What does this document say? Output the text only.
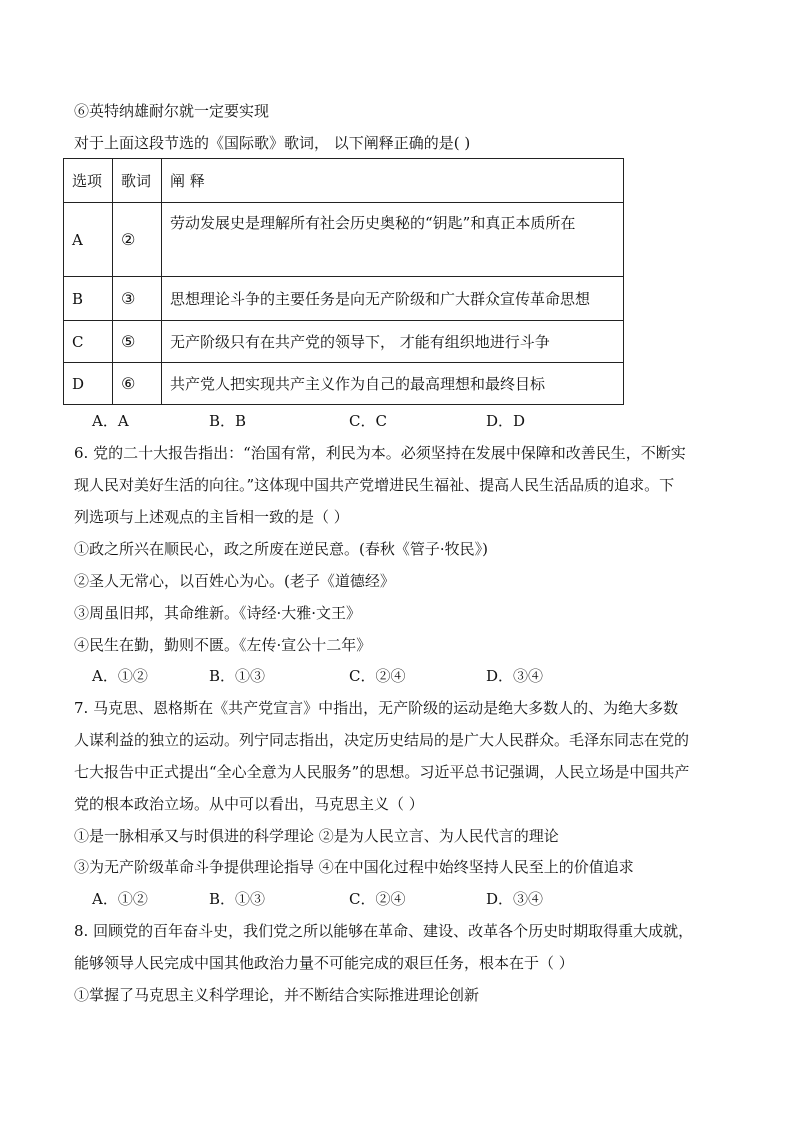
⑥英特纳雄耐尔就一定要实现
对于上面这段节选的《国际歌》歌词， 以下阐释正确的是( )
选项	歌词	阐 释
A	②	劳动发展史是理解所有社会历史奥秘的“钥匙”和真正本质所在
B	③	思想理论斗争的主要任务是向无产阶级和广大群众宣传革命思想
C	⑤	无产阶级只有在共产党的领导下， 才能有组织地进行斗争
D	⑥	共产党人把实现共产主义作为自己的最高理想和最终目标
A．A	B．B	C．C	D．D
6. 党的二十大报告指出：“治国有常，利民为本。必须坚持在发展中保障和改善民生，不断实
现人民对美好生活的向往。”这体现中国共产党增进民生福祉、提高人民生活品质的追求。下
列选项与上述观点的主旨相一致的是（ ）
①政之所兴在顺民心，政之所废在逆民意。(春秋《管子·牧民》)
②圣人无常心，以百姓心为心。(老子《道德经》
③周虽旧邦，其命维新。《诗经·大雅·文王》
④民生在勤，勤则不匮。《左传·宣公十二年》
A．①②	B．①③	C．②④	D．③④
7. 马克思、恩格斯在《共产党宣言》中指出，无产阶级的运动是绝大多数人的、为绝大多数
人谋利益的独立的运动。列宁同志指出，决定历史结局的是广大人民群众。毛泽东同志在党的
七大报告中正式提出“全心全意为人民服务”的思想。习近平总书记强调，人民立场是中国共产
党的根本政治立场。从中可以看出，马克思主义（ ）
①是一脉相承又与时俱进的科学理论 ②是为人民立言、为人民代言的理论
③为无产阶级革命斗争提供理论指导 ④在中国化过程中始终坚持人民至上的价值追求
A．①②	B．①③	C．②④	D．③④
8. 回顾党的百年奋斗史，我们党之所以能够在革命、建设、改革各个历史时期取得重大成就，
能够领导人民完成中国其他政治力量不可能完成的艰巨任务，根本在于（ ）
①掌握了马克思主义科学理论，并不断结合实际推进理论创新
